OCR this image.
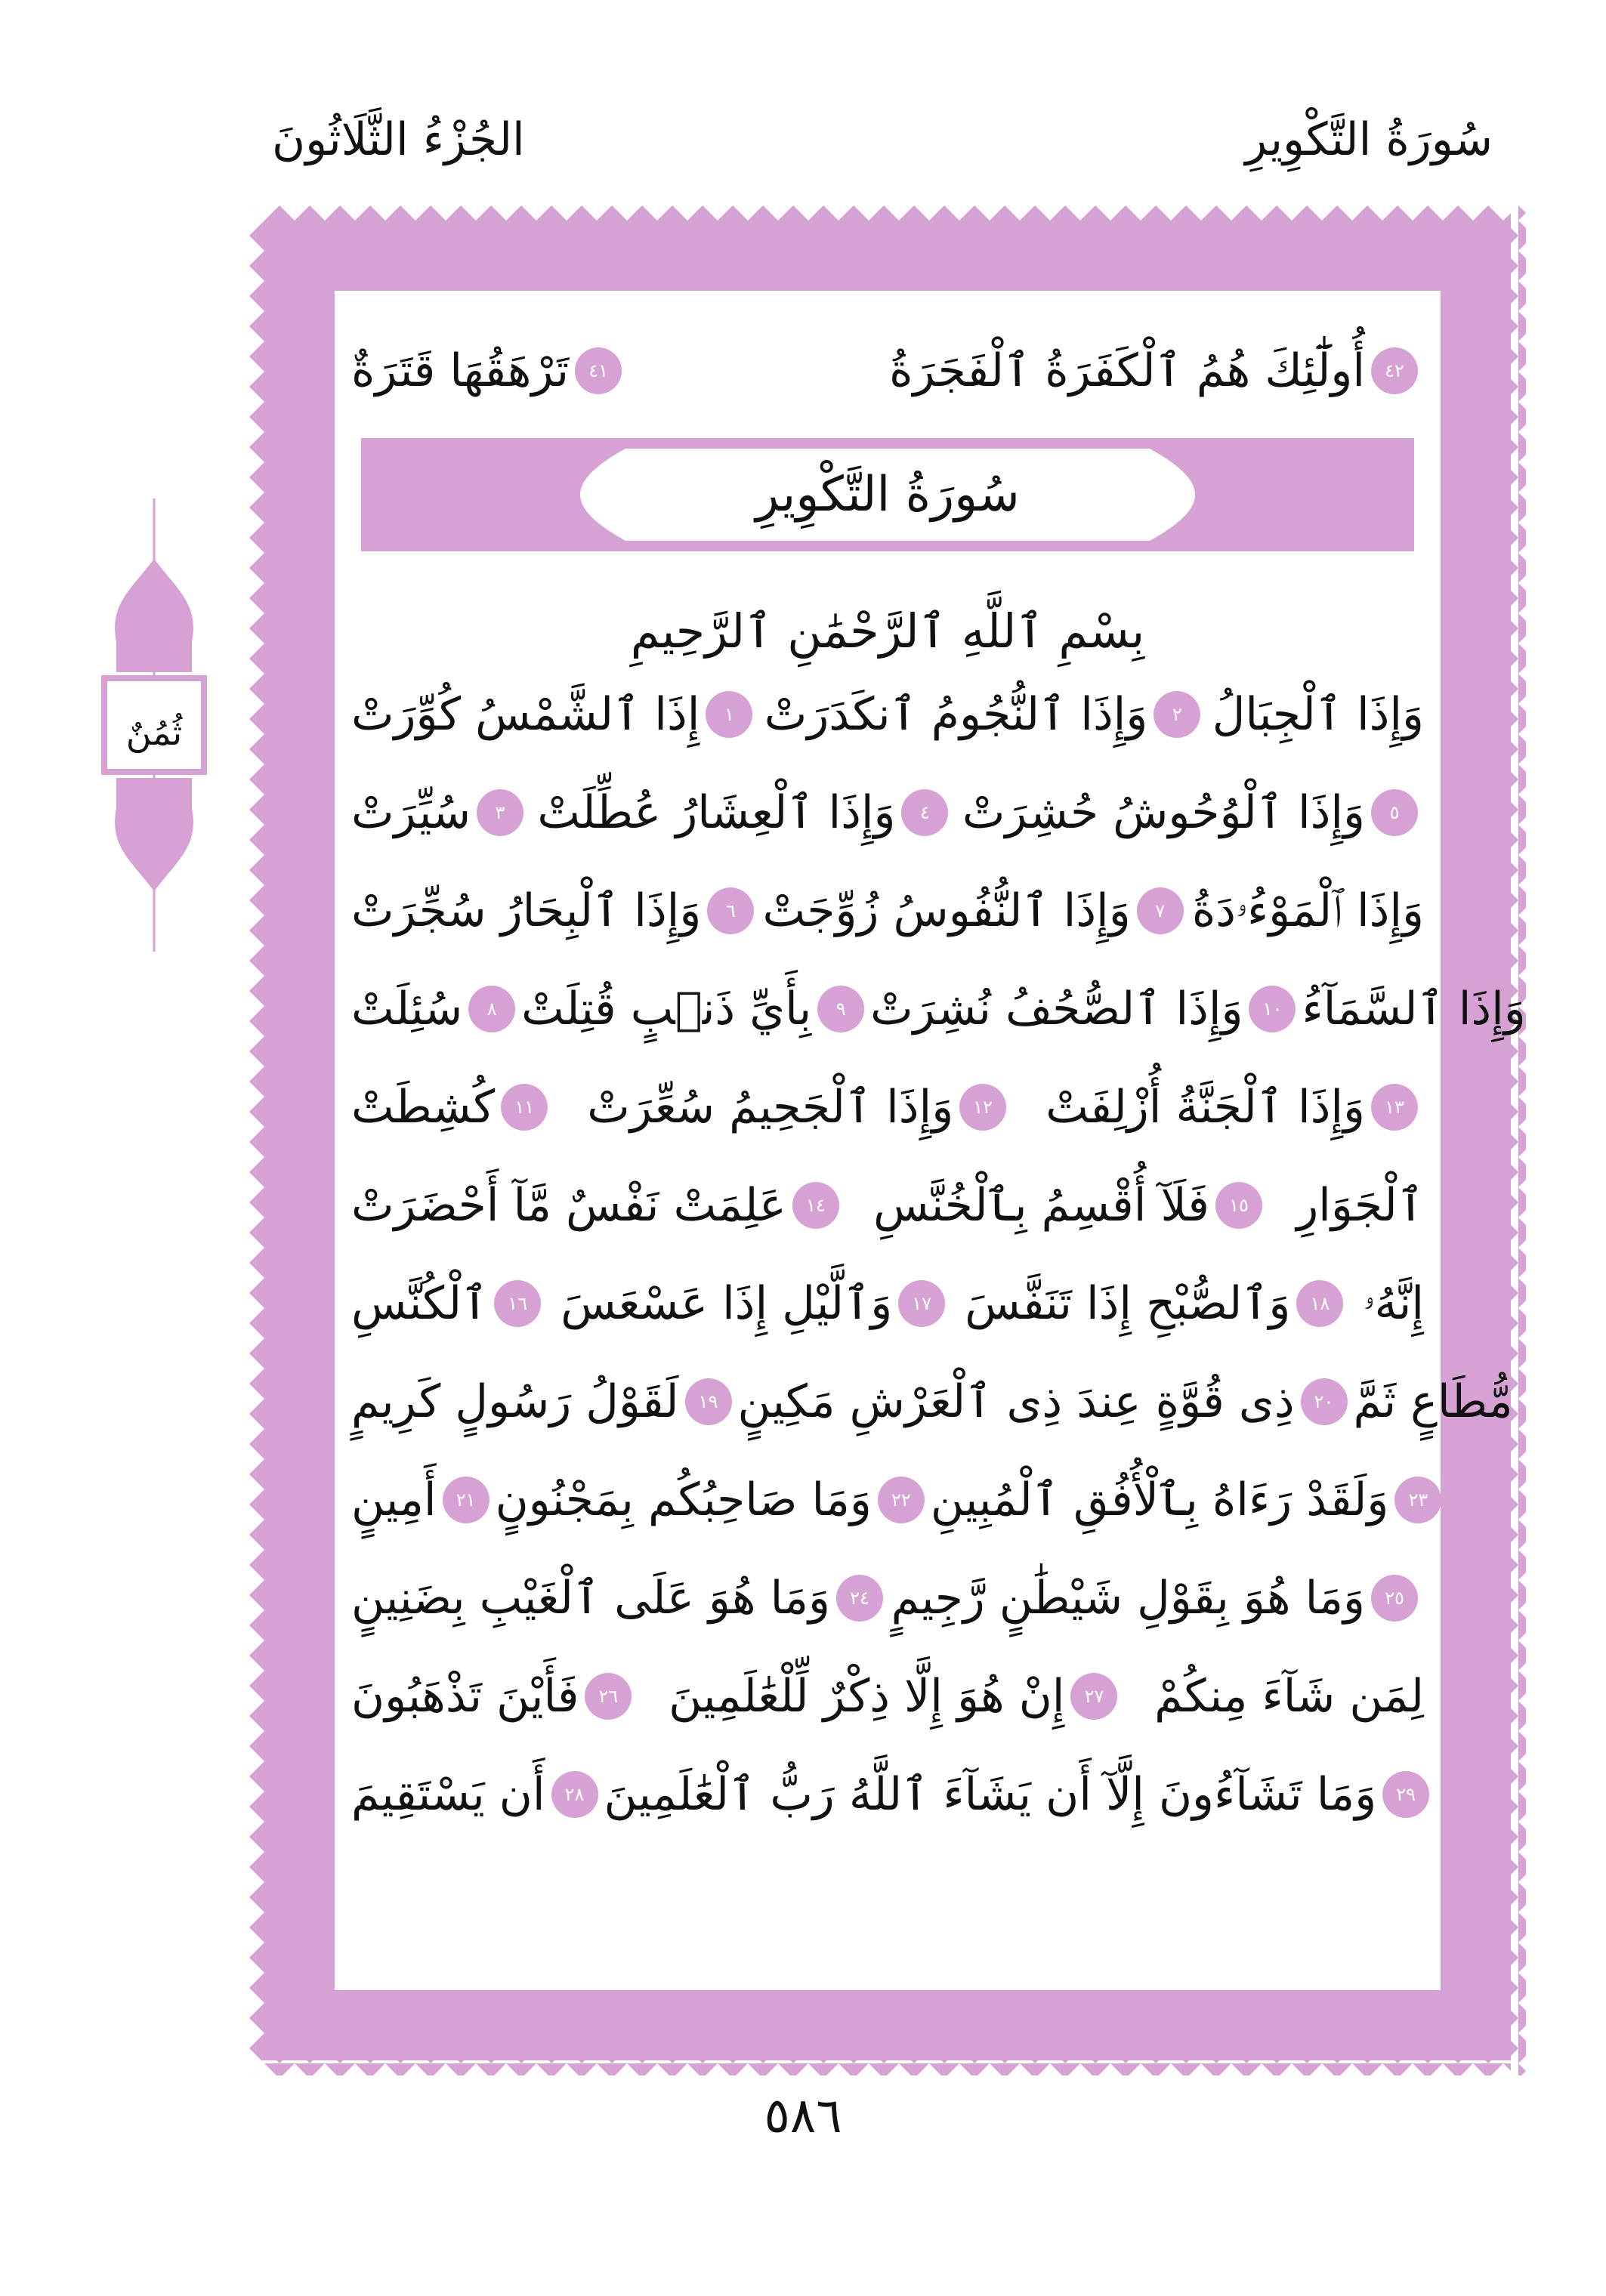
سُورَةُ التَّكْوِيرِ
الجُزْءُ الثَّلَاثُونَ
ثُمُنٌ
تَرْهَقُهَا قَتَرَةٌ	٤١	أُولَٰٓئِكَ هُمُ ٱلْكَفَرَةُ ٱلْفَجَرَةُ	٤٢
إِذَا ٱلشَّمْسُ كُوِّرَتْ	١ وَإِذَا ٱلنُّجُومُ ٱنكَدَرَتْ	٢ وَإِذَا ٱلْجِبَالُ
سُيِّرَتْ	٣ وَإِذَا ٱلْعِشَارُ عُطِّلَتْ	٤ وَإِذَا ٱلْوُحُوشُ حُشِرَتْ	٥
وَإِذَا ٱلْبِحَارُ سُجِّرَتْ	٦ وَإِذَا ٱلنُّفُوسُ زُوِّجَتْ	٧ وَإِذَا ٱلْمَوْءُۥدَةُ
سُئِلَتْ	٨ بِأَيِّ ذَنۢبٍ قُتِلَتْ	٩ وَإِذَا ٱلصُّحُفُ نُشِرَتْ	١٠ وَإِذَا ٱلسَّمَآءُ
كُشِطَتْ	١١	وَإِذَا ٱلْجَحِيمُ سُعِّرَتْ	١٢	وَإِذَا ٱلْجَنَّةُ أُزْلِفَتْ	١٣
عَلِمَتْ نَفْسٌ مَّآ أَحْضَرَتْ	١٤	فَلَآ أُقْسِمُ بِٱلْخُنَّسِ	١٥	ٱلْجَوَارِ
ٱلْكُنَّسِ	١٦ وَٱلَّيْلِ إِذَا عَسْعَسَ	١٧ وَٱلصُّبْحِ إِذَا تَنَفَّسَ	١٨ إِنَّهُۥ
لَقَوْلُ رَسُولٍ كَرِيمٍ	١٩ ذِى قُوَّةٍ عِندَ ذِى ٱلْعَرْشِ مَكِينٍ	٢٠ مُّطَاعٍ ثَمَّ
أَمِينٍ	٢١ وَمَا صَاحِبُكُم بِمَجْنُونٍ	٢٢ وَلَقَدْ رَءَاهُ بِٱلْأُفُقِ ٱلْمُبِينِ	٢٣
وَمَا هُوَ عَلَى ٱلْغَيْبِ بِضَنِينٍ	٢٤ وَمَا هُوَ بِقَوْلِ شَيْطَٰنٍ رَّجِيمٍ	٢٥
فَأَيْنَ تَذْهَبُونَ	٢٦	إِنْ هُوَ إِلَّا ذِكْرٌ لِّلْعَٰلَمِينَ	٢٧	لِمَن شَآءَ مِنكُمْ
أَن يَسْتَقِيمَ	٢٨ وَمَا تَشَآءُونَ إِلَّآ أَن يَشَآءَ ٱللَّهُ رَبُّ ٱلْعَٰلَمِينَ	٢٩
سُورَةُ التَّكْوِيرِ
بِسْمِ ٱللَّهِ ٱلرَّحْمَٰنِ ٱلرَّحِيمِ
٥٨٦
